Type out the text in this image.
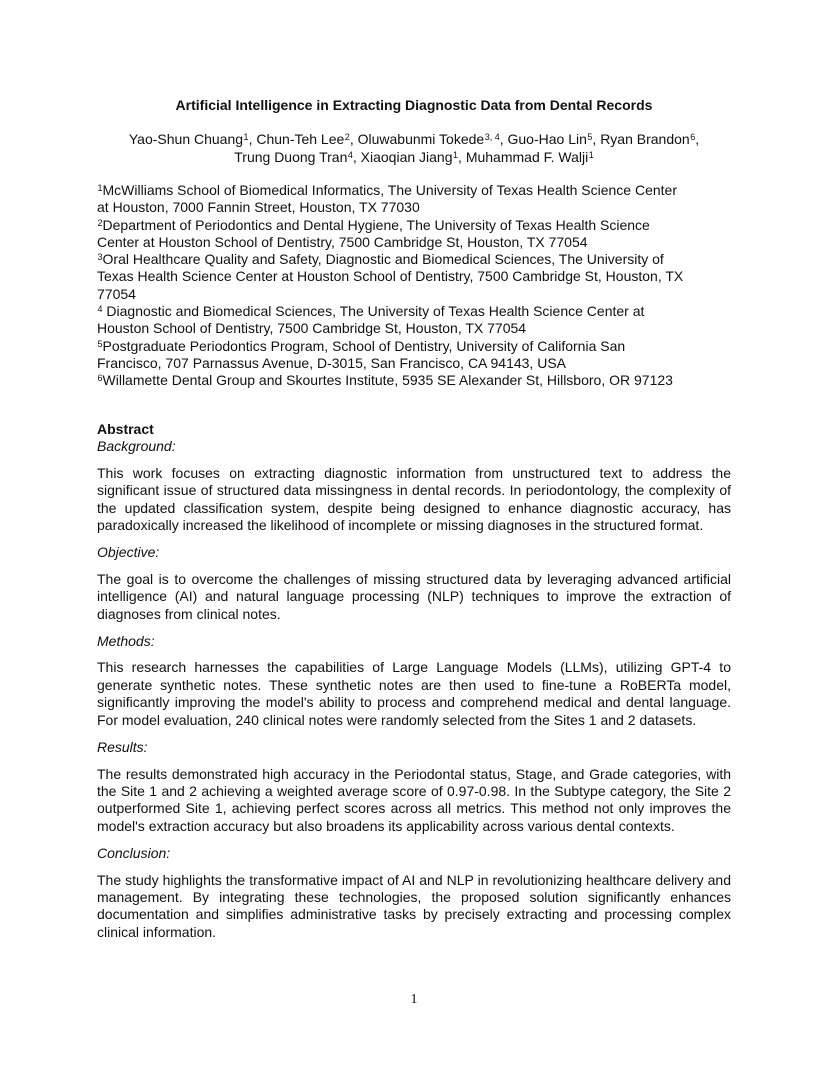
Artificial Intelligence in Extracting Diagnostic Data from Dental Records
Yao-Shun Chuang$^1$, Chun-Teh Lee$^2$, Oluwabunmi Tokede$^{3, 4}$, Guo-Hao Lin$^5$, Ryan Brandon$^6$,
Trung Duong Tran$^4$, Xiaoqian Jiang$^1$, Muhammad F. Walji$^1$

$^1$McWilliams School of Biomedical Informatics, The University of Texas Health Science Center
at Houston, 7000 Fannin Street, Houston, TX 77030

$^2$Department of Periodontics and Dental Hygiene, The University of Texas Health Science
Center at Houston School of Dentistry, 7500 Cambridge St, Houston, TX 77054

$^3$Oral Healthcare Quality and Safety, Diagnostic and Biomedical Sciences, The University of
Texas Health Science Center at Houston School of Dentistry, 7500 Cambridge St, Houston, TX
77054

$^4$ Diagnostic and Biomedical Sciences, The University of Texas Health Science Center at
Houston School of Dentistry, 7500 Cambridge St, Houston, TX 77054

$^5$Postgraduate Periodontics Program, School of Dentistry, University of California San
Francisco, 707 Parnassus Avenue, D-3015, San Francisco, CA 94143, USA

$^6$Willamette Dental Group and Skourtes Institute, 5935 SE Alexander St, Hillsboro, OR 97123

Abstract

Background:

This work focuses on extracting diagnostic information from unstructured text to address the significant issue of structured data missingness in dental records. In periodontology, the complexity of the updated classification system, despite being designed to enhance diagnostic accuracy, has paradoxically increased the likelihood of incomplete or missing diagnoses in the structured format.

Objective:

The goal is to overcome the challenges of missing structured data by leveraging advanced artificial intelligence (AI) and natural language processing (NLP) techniques to improve the extraction of diagnoses from clinical notes.

Methods:

This research harnesses the capabilities of Large Language Models (LLMs), utilizing GPT-4 to generate synthetic notes. These synthetic notes are then used to fine-tune a RoBERTa model, significantly improving the model's ability to process and comprehend medical and dental language. For model evaluation, 240 clinical notes were randomly selected from the Sites 1 and 2 datasets.

Results:

The results demonstrated high accuracy in the Periodontal status, Stage, and Grade categories, with the Site 1 and 2 achieving a weighted average score of 0.97-0.98. In the Subtype category, the Site 2 outperformed Site 1, achieving perfect scores across all metrics. This method not only improves the model's extraction accuracy but also broadens its applicability across various dental contexts.

Conclusion:

The study highlights the transformative impact of AI and NLP in revolutionizing healthcare delivery and management. By integrating these technologies, the proposed solution significantly enhances documentation and simplifies administrative tasks by precisely extracting and processing complex clinical information.

1
